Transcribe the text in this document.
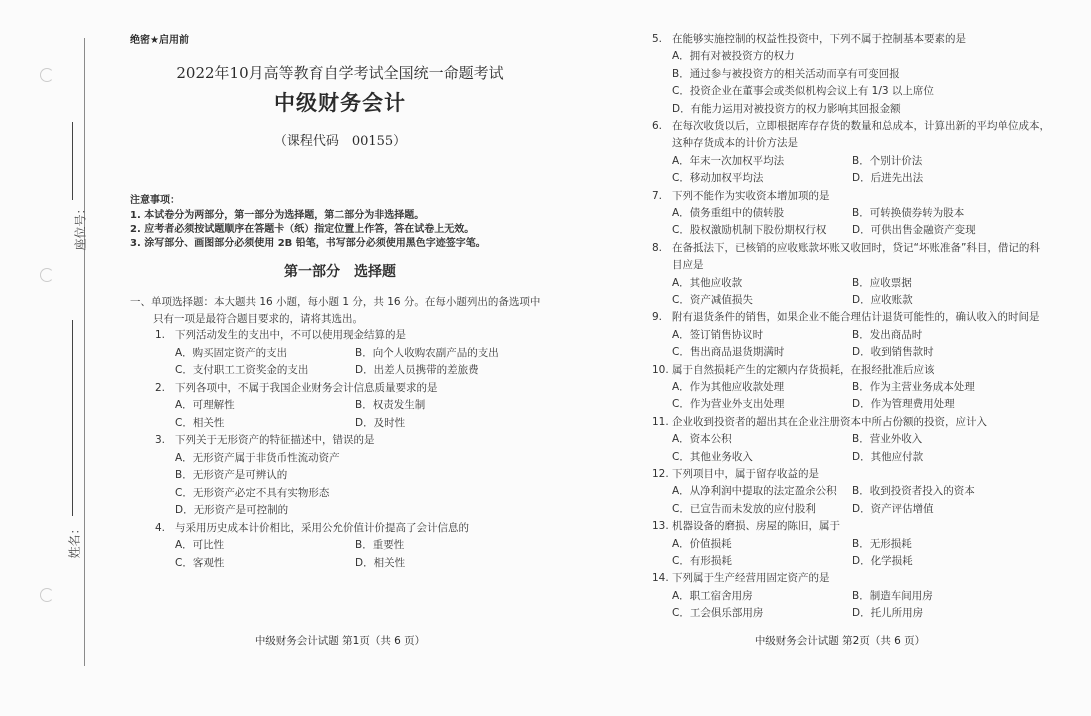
座位号：
姓名：
绝密★启用前
2022年10月高等教育自学考试全国统一命题考试
中级财务会计
（课程代码　00155）
注意事项：
1. 本试卷分为两部分，第一部分为选择题，第二部分为非选择题。
2. 应考者必须按试题顺序在答题卡（纸）指定位置上作答，答在试卷上无效。
3. 涂写部分、画图部分必须使用 2B 铅笔，书写部分必须使用黑色字迹签字笔。
第一部分　选择题
一、单项选择题：本大题共 16 小题，每小题 1 分，共 16 分。在每小题列出的备选项中
只有一项是最符合题目要求的，请将其选出。
1. 下列活动发生的支出中，不可以使用现金结算的是
A．购买固定资产的支出	B．向个人收购农副产品的支出
C．支付职工工资奖金的支出	D．出差人员携带的差旅费
2. 下列各项中，不属于我国企业财务会计信息质量要求的是
A．可理解性	B．权责发生制
C．相关性	D．及时性
3. 下列关于无形资产的特征描述中，错误的是
A．无形资产属于非货币性流动资产
B．无形资产是可辨认的
C．无形资产必定不具有实物形态
D．无形资产是可控制的
4. 与采用历史成本计价相比，采用公允价值计价提高了会计信息的
A．可比性	B．重要性
C．客观性	D．相关性
中级财务会计试题 第1页（共 6 页）
5. 在能够实施控制的权益性投资中，下列不属于控制基本要素的是
A．拥有对被投资方的权力
B．通过参与被投资方的相关活动而享有可变回报
C．投资企业在董事会或类似机构会议上有 1/3 以上席位
D．有能力运用对被投资方的权力影响其回报金额
6. 在每次收货以后，立即根据库存存货的数量和总成本，计算出新的平均单位成本，
这种存货成本的计价方法是
A．年末一次加权平均法	B．个别计价法
C．移动加权平均法	D．后进先出法
7. 下列不能作为实收资本增加项的是
A．债务重组中的债转股	B．可转换债券转为股本
C．股权激励机制下股份期权行权 D．可供出售金融资产变现
8. 在备抵法下，已核销的应收账款坏账又收回时，贷记“坏账准备”科目，借记的科
目应是
A．其他应收款	B．应收票据
C．资产减值损失	D．应收账款
9. 附有退货条件的销售，如果企业不能合理估计退货可能性的，确认收入的时间是
A．签订销售协议时	B．发出商品时
C．售出商品退货期满时	D．收到销售款时
10. 属于自然损耗产生的定额内存货损耗，在报经批准后应该
A．作为其他应收款处理	B．作为主营业务成本处理
C．作为营业外支出处理	D．作为管理费用处理
11. 企业收到投资者的超出其在企业注册资本中所占份额的投资，应计入
A．资本公积	B．营业外收入
C．其他业务收入	D．其他应付款
12. 下列项目中，属于留存收益的是
A．从净利润中提取的法定盈余公积 B．收到投资者投入的资本
C．已宣告而未发放的应付股利	D．资产评估增值
13. 机器设备的磨损、房屋的陈旧，属于
A．价值损耗	B．无形损耗
C．有形损耗	D．化学损耗
14. 下列属于生产经营用固定资产的是
A．职工宿舍用房	B．制造车间用房
C．工会俱乐部用房	D．托儿所用房
中级财务会计试题 第2页（共 6 页）
